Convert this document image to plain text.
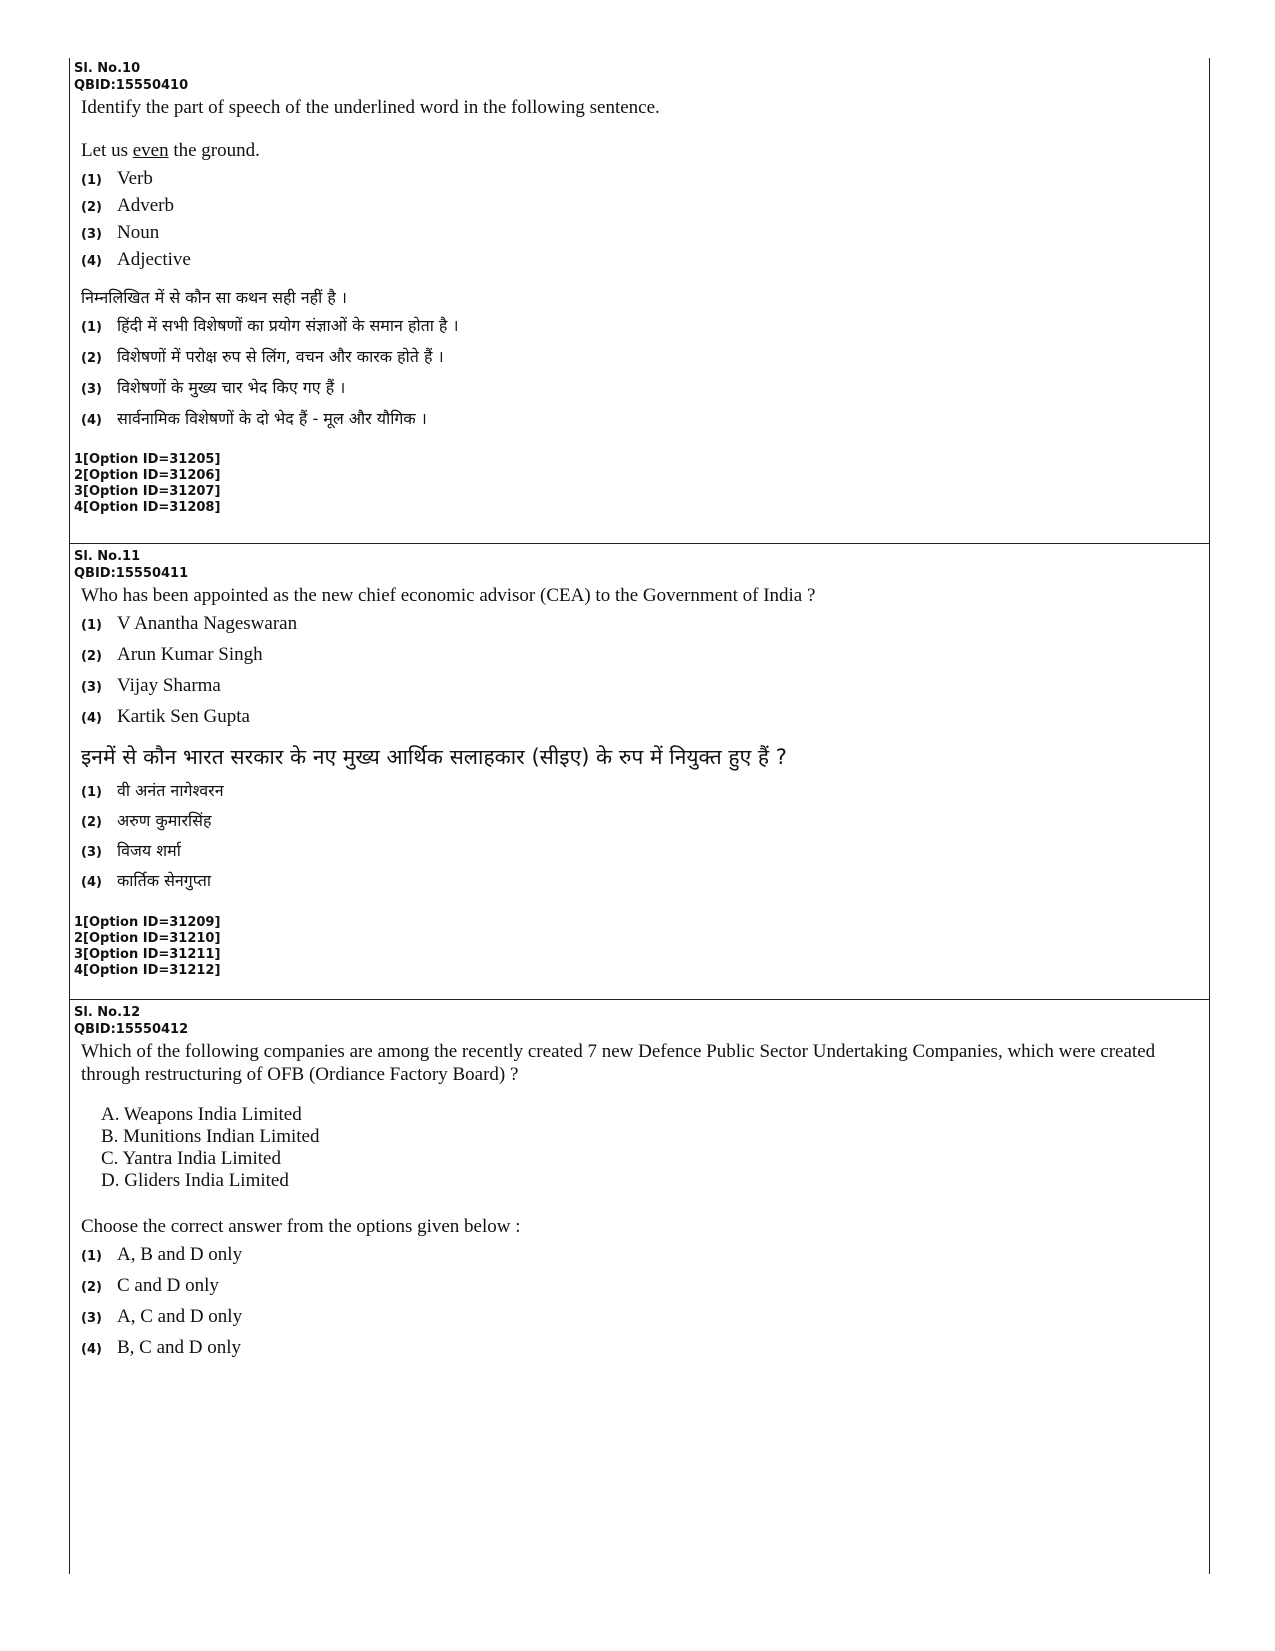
Sl. No.10
QBID:15550410
Identify the part of speech of the underlined word in the following sentence.
Let us even the ground.
(1) Verb
(2) Adverb
(3) Noun
(4) Adjective
निम्नलिखित में से कौन सा कथन सही नहीं है ।
(1) हिंदी में सभी विशेषणों का प्रयोग संज्ञाओं के समान होता है ।
(2) विशेषणों में परोक्ष रुप से लिंग, वचन और कारक होते हैं ।
(3) विशेषणों के मुख्य चार भेद किए गए हैं ।
(4) सार्वनामिक विशेषणों के दो भेद हैं - मूल और यौगिक ।
1[Option ID=31205]
2[Option ID=31206]
3[Option ID=31207]
4[Option ID=31208]
Sl. No.11
QBID:15550411
Who has been appointed as the new chief economic advisor (CEA) to the Government of India ?
(1) V Anantha Nageswaran
(2) Arun Kumar Singh
(3) Vijay Sharma
(4) Kartik Sen Gupta
इनमें से कौन भारत सरकार के नए मुख्य आर्थिक सलाहकार (सीइए) के रुप में नियुक्त हुए हैं ?
(1) वी अनंत नागेश्वरन
(2) अरुण कुमारसिंह
(3) विजय शर्मा
(4) कार्तिक सेनगुप्ता
1[Option ID=31209]
2[Option ID=31210]
3[Option ID=31211]
4[Option ID=31212]
Sl. No.12
QBID:15550412
Which of the following companies are among the recently created 7 new Defence Public Sector Undertaking Companies, which were created through restructuring of OFB (Ordiance Factory Board) ?
A. Weapons India Limited
B. Munitions Indian Limited
C. Yantra India Limited
D. Gliders India Limited
Choose the correct answer from the options given below :
(1) A, B and D only
(2) C and D only
(3) A, C and D only
(4) B, C and D only
